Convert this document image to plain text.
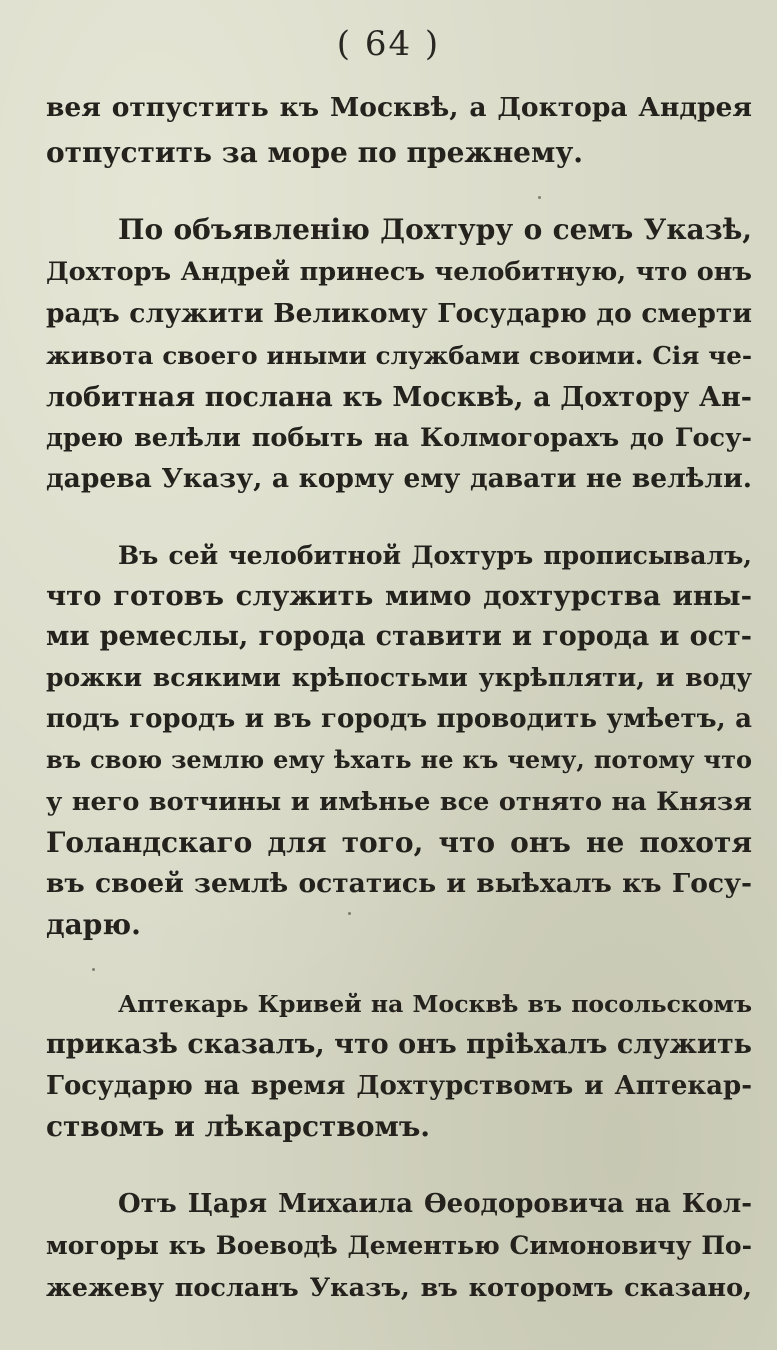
( 64 )
вея отпустить къ Москвѣ, а Доктора Андрея
отпустить за море по прежнему.
По объявленію Дохтуру о семъ Указѣ,
Дохторъ Андрей принесъ челобитную, что онъ
радъ служити Великому Государю до смерти
живота своего иными службами своими. Сія че-
лобитная послана къ Москвѣ, а Дохтору Ан-
дрею велѣли побыть на Колмогорахъ до Госу-
дарева Указу, а корму ему давати не велѣли.
Въ сей челобитной Дохтуръ прописывалъ,
что готовъ служить мимо дохтурства ины-
ми ремеслы, города ставити и города и ост-
рожки всякими крѣпостьми укрѣпляти, и воду
подъ городъ и въ городъ проводить умѣетъ, а
въ свою землю ему ѣхать не къ чему, потому что
у него вотчины и имѣнье все отнято на Князя
Голандскаго для того, что онъ не похотя
въ своей землѣ остатись и выѣхалъ къ Госу-
дарю.
Аптекарь Кривей на Москвѣ въ посольскомъ
приказѣ сказалъ, что онъ пріѣхалъ служить
Государю на время Дохтурствомъ и Аптекар-
ствомъ и лѣкарствомъ.
Отъ Царя Михаила Ѳеодоровича на Кол-
могоры къ Воеводѣ Дементью Симоновичу По-
жежеву посланъ Указъ, въ которомъ сказано,
